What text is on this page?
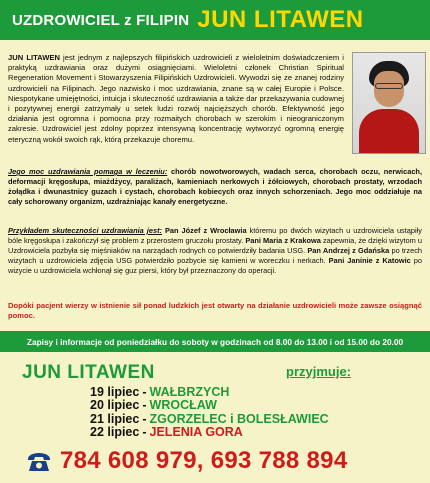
UZDROWICIEL z FILIPIN JUN LITAWEN
JUN LITAWEN jest jednym z najlepszych filipińskich uzdrowicieli z wieloletnim doświadczeniem i praktyką uzdrawiania oraz dużymi osiągnięciami. Wieloletni członek Christian Spiritual Regeneration Movement i Stowarzyszenia Filipińskich Uzdrowicieli. Wywodzi się ze znanej rodziny uzdrowicieli na Filipinach. Jego nazwisko i moc uzdrawiania, znane są w całej Europie i Polsce. Niespotykane umiejętności, intuicja i skuteczność uzdrawiania a także dar przekazywania cudownej i pozytywnej energii zatrzymały u setek ludzi rozwój najcięższych chorób. Efektywność jego działania jest ogromna i pomocna przy rozmaitych chorobach w szerokim i nieograniczonym zakresie. Uzdrowiciel jest zdolny poprzez intensywną koncentrację wytworzyć ogromną energię eteryczną wokół swoich rąk, którą przekazuje choremu.
Jego moc uzdrawiania pomaga w leczeniu: chorób nowotworowych, wadach serca, chorobach oczu, nerwicach, deformacji kręgosłupa, miażdżycy, paraliżach, kamieniach nerkowych i żółciowych, chorobach prostaty, wrzodach żołądka i dwunastnicy guzach i cystach, chorobach kobiecych oraz innych schorzeniach. Jego moc oddziałuje na cały schorowany organizm, uzdrażniając kanały energetyczne.
Przykładem skuteczności uzdrawiania jest: Pan Józef z Wrocławia któremu po dwóch wizytach u uzdrowiciela ustąpiły bóle kręgosłupa i zakończył się problem z przerostem gruczołu prostaty. Pani Maria z Krakowa zapewnia, że dzięki wizytom u Uzdrowiciela pozbyła się mięśniaków na narządach rodnych co potwierdziły badania USG. Pan Andrzej z Gdańska po trzech wizytach u uzdrowiciela zdjęcia USG potwierdziło pozbycie się kamieni w woreczku i nerkach. Pani Janinie z Katowic po wizycie u uzdrowiciela wchłonął się guz piersi, który był przeznaczony do operacji.
Dopóki pacjent wierzy w istnienie sił ponad ludzkich jest otwarty na działanie uzdrowicieli może zawsze osiągnąć pomoc.
Zapisy i informacje od poniedziałku do soboty w godzinach od 8.00 do 13.00 i od 15.00 do 20.00
JUN LITAWEN	przyjmuje:
19 lipiec - WAŁBRZYCH
20 lipiec - WROCŁAW
21 lipiec - ZGORZELEC i BOLESŁAWIEC
22 lipiec - JELENIA GORA
784 608 979, 693 788 894
